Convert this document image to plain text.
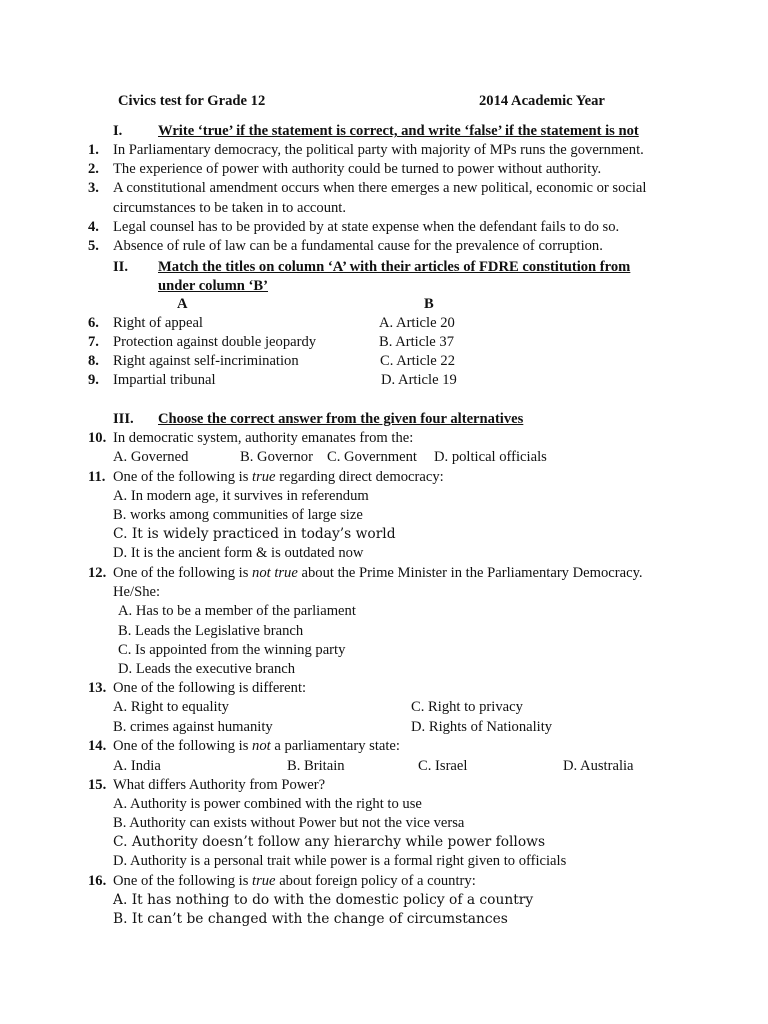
Civics test for Grade 12	2014 Academic Year
I. Write ‘true’ if the statement is correct, and write ‘false’ if the statement is not
1. In Parliamentary democracy, the political party with majority of MPs runs the government.
2. The experience of power with authority could be turned to power without authority.
3. A constitutional amendment occurs when there emerges a new political, economic or social
circumstances to be taken in to account.
4. Legal counsel has to be provided by at state expense when the defendant fails to do so.
5. Absence of rule of law can be a fundamental cause for the prevalence of corruption.
II. Match the titles on column ‘A’ with their articles of FDRE constitution from
under column ‘B’
A	B
6. Right of appeal	A. Article 20
7. Protection against double jeopardy	B. Article 37
8. Right against self-incrimination	C. Article 22
9. Impartial tribunal	D. Article 19
III. Choose the correct answer from the given four alternatives
10. In democratic system, authority emanates from the:
A. Governed	B. Governor C. Government D. poltical officials
11. One of the following is true regarding direct democracy:
A. In modern age, it survives in referendum
B. works among communities of large size
C. It is widely practiced in today’s world
D. It is the ancient form & is outdated now
12. One of the following is not true about the Prime Minister in the Parliamentary Democracy.
He/She:
A. Has to be a member of the parliament
B. Leads the Legislative branch
C. Is appointed from the winning party
D. Leads the executive branch
13. One of the following is different:
A. Right to equality	C. Right to privacy
B. crimes against humanity	D. Rights of Nationality
14. One of the following is not a parliamentary state:
A. India	B. Britain	C. Israel	D. Australia
15. What differs Authority from Power?
A. Authority is power combined with the right to use
B. Authority can exists without Power but not the vice versa
C. Authority doesn’t follow any hierarchy while power follows
D. Authority is a personal trait while power is a formal right given to officials
16. One of the following is true about foreign policy of a country:
A. It has nothing to do with the domestic policy of a country
B. It can’t be changed with the change of circumstances
